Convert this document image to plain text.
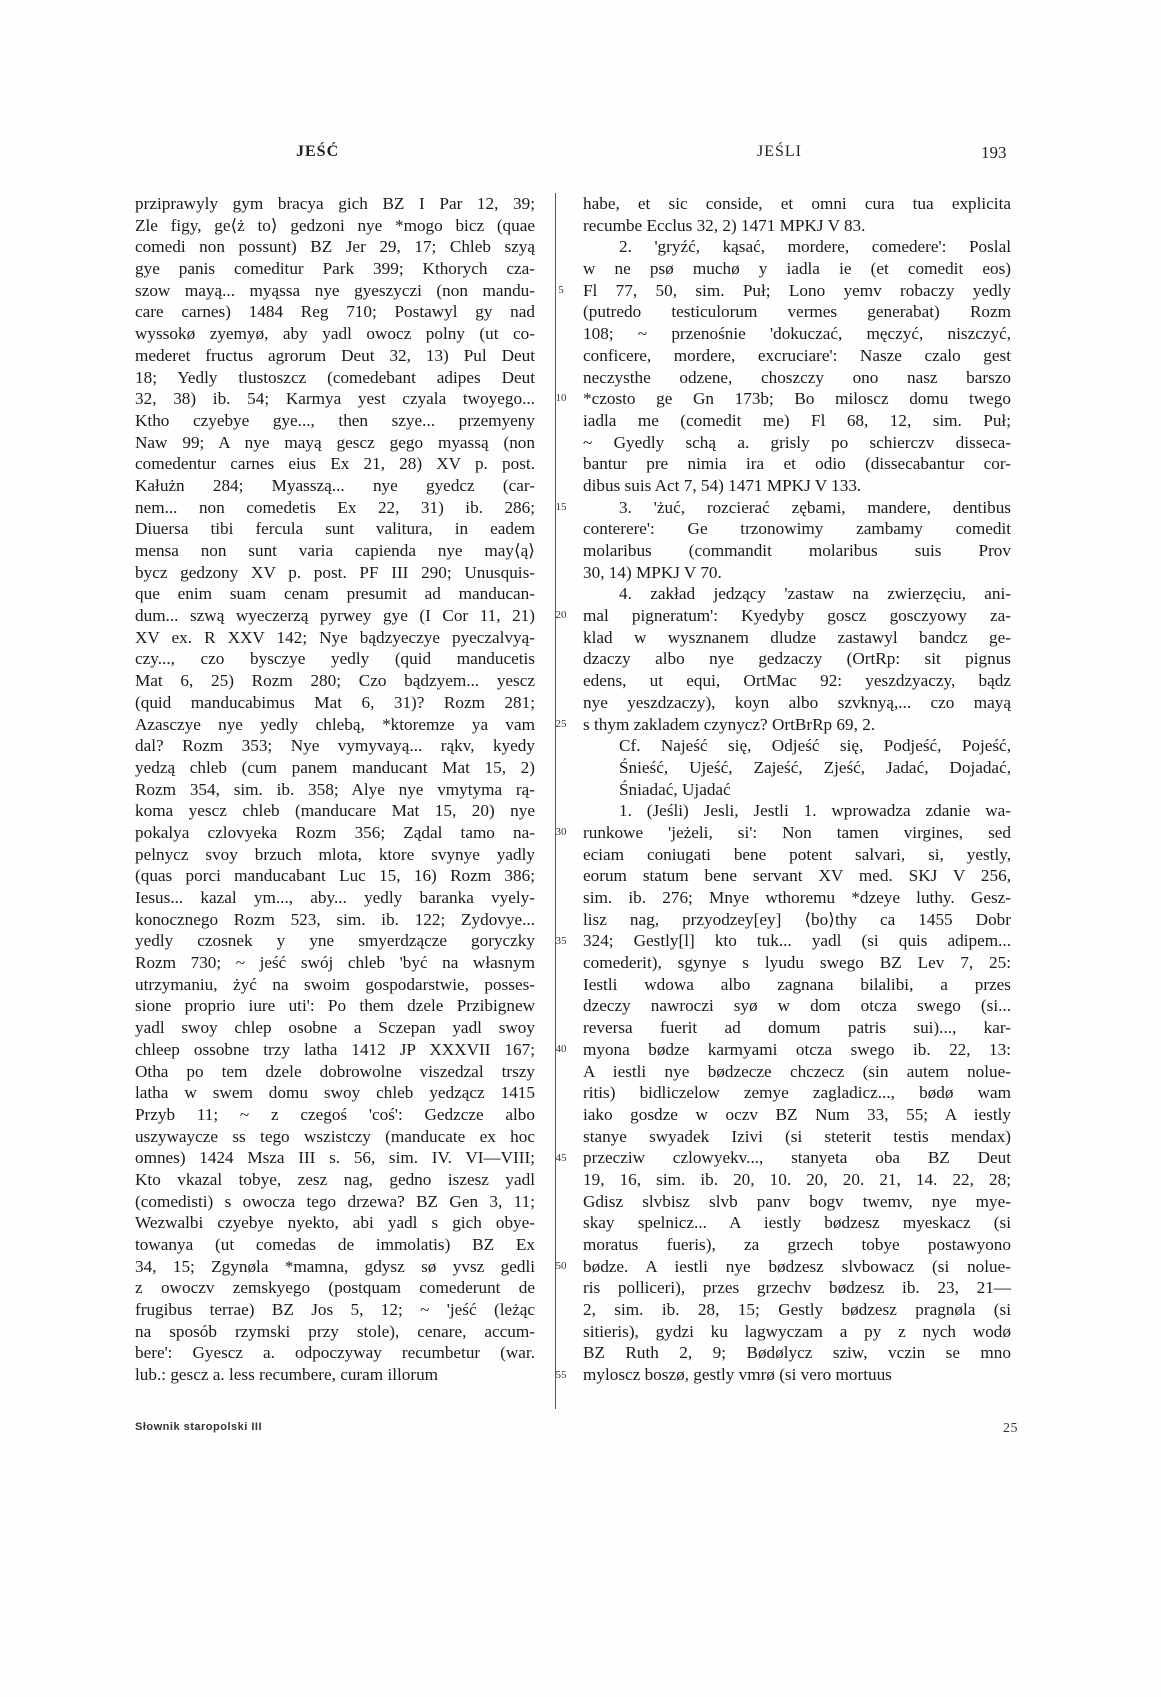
JEŚĆ	JEŚLI	193
prziprawyly gym bracya gich BZ I Par 12, 39;
Zle figy, ge⟨ż to⟩ gedzoni nye *mogo bicz (quae
comedi non possunt) BZ Jer 29, 17; Chleb szyą
gye panis comeditur Park 399; Kthorych cza-
szow mayą... myąssa nye gyeszyczi (non mandu-
care carnes) 1484 Reg 710; Postawyl gy nad
wyssokø zyemyø, aby yadl owocz polny (ut co-
mederet fructus agrorum Deut 32, 13) Pul Deut
18; Yedly tlustoszcz (comedebant adipes Deut
32, 38) ib. 54; Karmya yest czyala twoyego...
Ktho czyebye gye..., then szye... przemyeny
Naw 99; A nye mayą gescz gego myassą (non
comedentur carnes eius Ex 21, 28) XV p. post.
Kałużn 284; Myasszą... nye gyedcz (car-
nem... non comedetis Ex 22, 31) ib. 286;
Diuersa tibi fercula sunt valitura, in eadem
mensa non sunt varia capienda nye may⟨ą⟩
bycz gedzony XV p. post. PF III 290; Unusquis-
que enim suam cenam presumit ad manducan-
dum... szwą wyeczerzą pyrwey gye (I Cor 11, 21)
XV ex. R XXV 142; Nye bądzyeczye pyeczalvyą-
czy..., czo bysczye yedly (quid manducetis
Mat 6, 25) Rozm 280; Czo bądzyem... yescz
(quid manducabimus Mat 6, 31)? Rozm 281;
Azasczye nye yedly chlebą, *ktoremze ya vam
dal? Rozm 353; Nye vymyvayą... rąkv, kyedy
yedzą chleb (cum panem manducant Mat 15, 2)
Rozm 354, sim. ib. 358; Alye nye vmytyma rą-
koma yescz chleb (manducare Mat 15, 20) nye
pokalya czlovyeka Rozm 356; Ządal tamo na-
pelnycz svoy brzuch mlota, ktore svynye yadly
(quas porci manducabant Luc 15, 16) Rozm 386;
Iesus... kazal ym..., aby... yedly baranka vyely-
konocznego Rozm 523, sim. ib. 122; Zydovye...
yedly czosnek y yne smyerdzącze goryczky
Rozm 730; ~ jeść swój chleb 'być na własnym
utrzymaniu, żyć na swoim gospodarstwie, posses-
sione proprio iure uti': Po them dzele Przibignew
yadl swoy chlep osobne a Sczepan yadl swoy
chleep ossobne trzy latha 1412 JP XXXVII 167;
Otha po tem dzele dobrowolne viszedzal trszy
latha w swem domu swoy chleb yedzącz 1415
Przyb 11; ~ z czegoś 'coś': Gedzcze albo
uszywaycze ss tego wszistczy (manducate ex hoc
omnes) 1424 Msza III s. 56, sim. IV. VI—VIII;
Kto vkazal tobye, zesz nag, gedno iszesz yadl
(comedisti) s owocza tego drzewa? BZ Gen 3, 11;
Wezwalbi czyebye nyekto, abi yadl s gich obye-
towanya (ut comedas de immolatis) BZ Ex
34, 15; Zgynøla *mamna, gdysz sø yvsz gedli
z owoczv zemskyego (postquam comederunt de
frugibus terrae) BZ Jos 5, 12; ~ 'jeść (leżąc
na sposób rzymski przy stole), cenare, accum-
bere': Gyescz a. odpoczyway recumbetur (war.
lub.: gescz a. less recumbere, curam illorum
5
10
15
20
25
30
35
40
45
50
55
habe, et sic conside, et omni cura tua explicita
recumbe Ecclus 32, 2) 1471 MPKJ V 83.
2. 'gryźć, kąsać, mordere, comedere': Poslal
w ne psø muchø y iadla ie (et comedit eos)
Fl 77, 50, sim. Puł; Lono yemv robaczy yedly
(putredo testiculorum vermes generabat) Rozm
108; ~ przenośnie 'dokuczać, męczyć, niszczyć,
conficere, mordere, excruciare': Nasze czalo gest
neczysthe odzene, choszczy ono nasz barszo
*czosto ge Gn 173b; Bo miloscz domu twego
iadla me (comedit me) Fl 68, 12, sim. Puł;
~ Gyedly schą a. grisly po schierczv disseca-
bantur pre nimia ira et odio (dissecabantur cor-
dibus suis Act 7, 54) 1471 MPKJ V 133.
3. 'żuć, rozcierać zębami, mandere, dentibus
conterere': Ge trzonowimy zambamy comedit
molaribus (commandit molaribus suis Prov
30, 14) MPKJ V 70.
4. zakład jedzący 'zastaw na zwierzęciu, ani-
mal pigneratum': Kyedyby goscz gosczyowy za-
klad w wysznanem dludze zastawyl bandcz ge-
dzaczy albo nye gedzaczy (OrtRp: sit pignus
edens, ut equi, OrtMac 92: yeszdzyaczy, bądz
nye yeszdzaczy), koyn albo szvknyą,... czo mayą
s thym zakladem czynycz? OrtBrRp 69, 2.
Cf. Najeść się, Odjeść się, Podjeść, Pojeść,
Śnieść, Ujeść, Zajeść, Zjeść, Jadać, Dojadać,
Śniadać, Ujadać
1. (Jeśli) Jesli, Jestli 1. wprowadza zdanie wa-
runkowe 'jeżeli, si': Non tamen virgines, sed
eciam coniugati bene potent salvari, si, yestly,
eorum statum bene servant XV med. SKJ V 256,
sim. ib. 276; Mnye wthoremu *dzeye luthy. Gesz-
lisz nag, przyodzey[ey] ⟨bo⟩thy ca 1455 Dobr
324; Gestly[l] kto tuk... yadl (si quis adipem...
comederit), sgynye s lyudu swego BZ Lev 7, 25:
Iestli wdowa albo zagnana bilalibi, a przes
dzeczy nawroczi syø w dom otcza swego (si...
reversa fuerit ad domum patris sui)..., kar-
myona bødze karmyami otcza swego ib. 22, 13:
A iestli nye bødzecze chczecz (sin autem nolue-
ritis) bidliczelow zemye zagladicz..., bødø wam
iako gosdze w oczv BZ Num 33, 55; A iestly
stanye swyadek Izivi (si steterit testis mendax)
przecziw czlowyekv..., stanyeta oba BZ Deut
19, 16, sim. ib. 20, 10. 20, 20. 21, 14. 22, 28;
Gdisz slvbisz slvb panv bogv twemv, nye mye-
skay spelnicz... A iestly bødzesz myeskacz (si
moratus fueris), za grzech tobye postawyono
bødze. A iestli nye bødzesz slvbowacz (si nolue-
ris polliceri), przes grzechv bødzesz ib. 23, 21—
2, sim. ib. 28, 15; Gestly bødzesz pragnøla (si
sitieris), gydzi ku lagwyczam a py z nych wodø
BZ Ruth 2, 9; Bødølycz sziw, vczin se mno
myloscz boszø, gestly vmrø (si vero mortuus
Słownik staropolski III	25
